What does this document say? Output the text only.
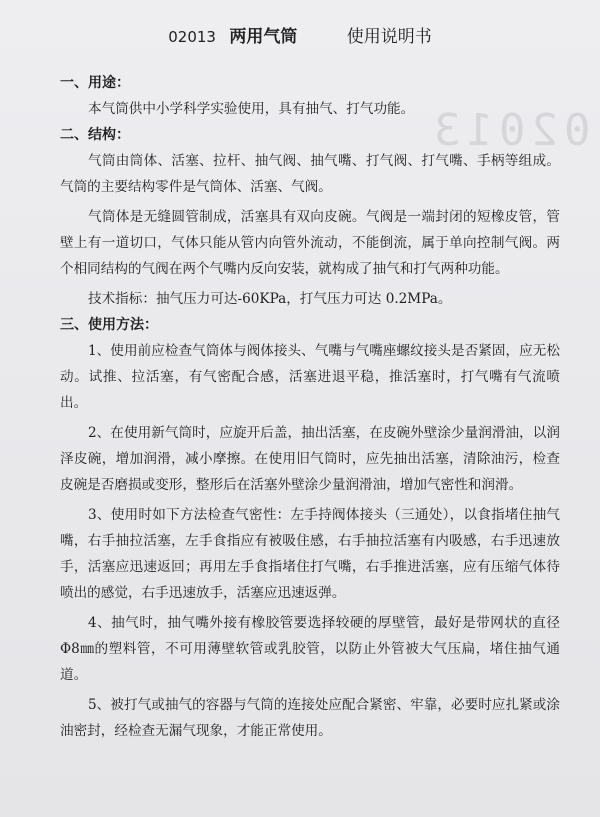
02013
02013 两用气筒	使用说明书
一、用途：

本气筒供中小学科学实验使用，具有抽气、打气功能。

二、结构：

气筒由筒体、活塞、拉杆、抽气阀、抽气嘴、打气阀、打气嘴、手柄等组成。气筒的主要结构零件是气筒体、活塞、气阀。

气筒体是无缝圆管制成，活塞具有双向皮碗。气阀是一端封闭的短橡皮管，管壁上有一道切口，气体只能从管内向管外流动，不能倒流，属于单向控制气阀。两个相同结构的气阀在两个气嘴内反向安装，就构成了抽气和打气两种功能。

技术指标：抽气压力可达-60KPa，打气压力可达 0.2MPa。

三、使用方法：

1、使用前应检查气筒体与阀体接头、气嘴与气嘴座螺纹接头是否紧固，应无松动。试推、拉活塞，有气密配合感，活塞进退平稳，推活塞时，打气嘴有气流喷出。

2、在使用新气筒时，应旋开后盖，抽出活塞，在皮碗外壁涂少量润滑油，以润泽皮碗，增加润滑，减小摩擦。在使用旧气筒时，应先抽出活塞，清除油污，检查皮碗是否磨损或变形，整形后在活塞外壁涂少量润滑油，增加气密性和润滑。

3、使用时如下方法检查气密性：左手持阀体接头（三通处），以食指堵住抽气嘴，右手抽拉活塞，左手食指应有被吸住感，右手抽拉活塞有内吸感，右手迅速放手，活塞应迅速返回；再用左手食指堵住打气嘴，右手推进活塞，应有压缩气体待喷出的感觉，右手迅速放手，活塞应迅速返弹。

4、抽气时，抽气嘴外接有橡胶管要选择较硬的厚壁管，最好是带网状的直径Φ8㎜的塑料管，不可用薄壁软管或乳胶管，以防止外管被大气压扁，堵住抽气通道。

5、被打气或抽气的容器与气筒的连接处应配合紧密、牢靠，必要时应扎紧或涂油密封，经检查无漏气现象，才能正常使用。
